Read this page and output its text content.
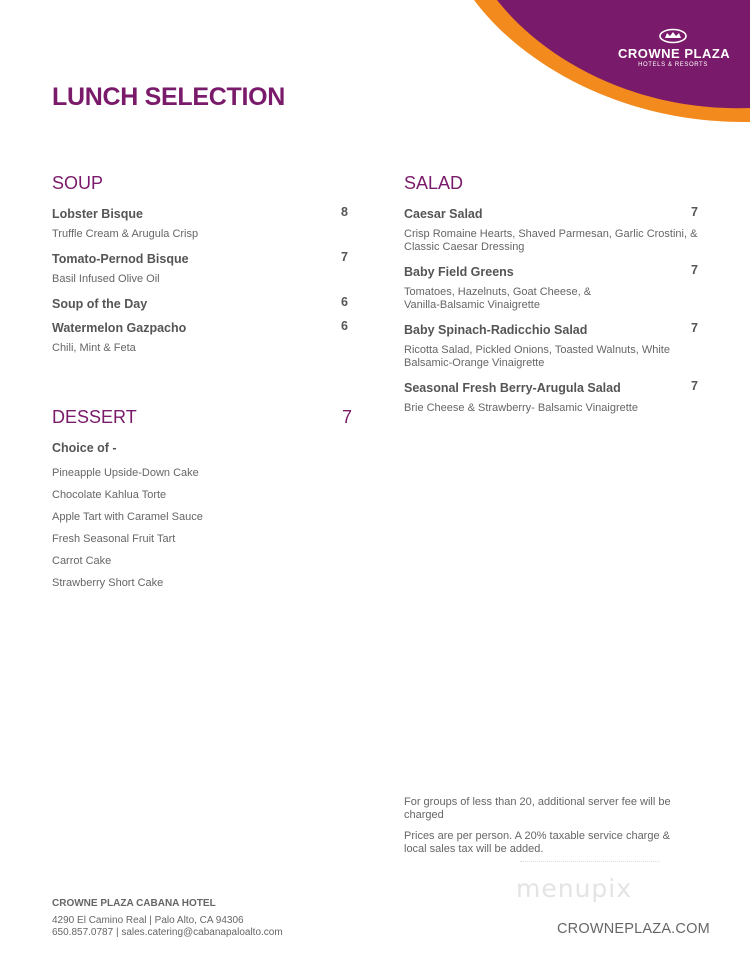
CROWNE PLAZA
HOTELS & RESORTS
LUNCH SELECTION
SOUP
Lobster Bisque	8
Truffle Cream & Arugula Crisp
Tomato-Pernod Bisque	7
Basil Infused Olive Oil
Soup of the Day	6
Watermelon Gazpacho	6
Chili, Mint & Feta
SALAD
Caesar Salad	7
Crisp Romaine Hearts, Shaved Parmesan, Garlic Crostini, & Classic Caesar Dressing
Baby Field Greens	7
Tomatoes, Hazelnuts, Goat Cheese, & Vanilla-Balsamic Vinaigrette
Baby Spinach-Radicchio Salad	7
Ricotta Salad, Pickled Onions, Toasted Walnuts, White Balsamic-Orange Vinaigrette
Seasonal Fresh Berry-Arugula Salad	7
Brie Cheese & Strawberry- Balsamic Vinaigrette
DESSERT	7
Choice of -
Pineapple Upside-Down Cake
Chocolate Kahlua Torte
Apple Tart with Caramel Sauce
Fresh Seasonal Fruit Tart
Carrot Cake
Strawberry Short Cake
For groups of less than 20, additional server fee will be charged
Prices are per person. A 20% taxable service charge & local sales tax will be added.
menupix
CROWNE PLAZA CABANA HOTEL
4290 El Camino Real | Palo Alto, CA 94306
650.857.0787 | sales.catering@cabanapaloalto.com	CROWNEPLAZA.COM
